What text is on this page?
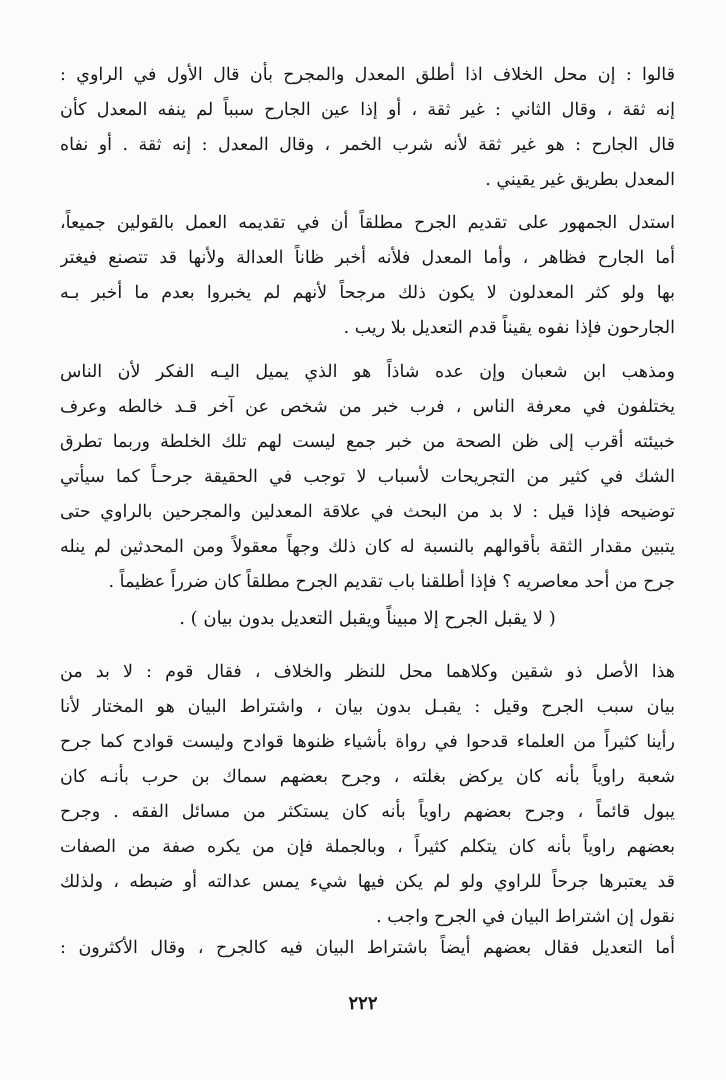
قالوا : إن محل الخلاف اذا أطلق المعدل والمجرح بأن قال الأول في الراوي :
إنه ثقة ، وقال الثاني : غير ثقة ، أو إذا عين الجارح سبباً لم ينفه المعدل كأن
قال الجارح : هو غير ثقة لأنه شرب الخمر ، وقال المعدل : إنه ثقة . أو نفاه
المعدل بطريق غير يقيني .

استدل الجمهور على تقديم الجرح مطلقاً أن في تقديمه العمل بالقولين جميعاً،
أما الجارح فظاهر ، وأما المعدل فلأنه أخبر ظاناً العدالة ولأنها قد تتصنع فيغتر
بها ولو كثر المعدلون لا يكون ذلك مرجحاً لأنهم لم يخبروا بعدم ما أخبر بـه
الجارحون فإذا نفوه يقيناً قدم التعديل بلا ريب .

ومذهب ابن شعبان وإن عده شاذاً هو الذي يميل اليـه الفكر لأن الناس
يختلفون في معرفة الناس ، فرب خبر من شخص عن آخر قـد خالطه وعرف
خبيئته أقرب إلى ظن الصحة من خبر جمع ليست لهم تلك الخلطة وربما تطرق
الشك في كثير من التجريحات لأسباب لا توجب في الحقيقة جرحـاً كما سيأتي
توضيحه فإذا قيل : لا بد من البحث في علاقة المعدلين والمجرحين بالراوي حتى
يتبين مقدار الثقة بأقوالهم بالنسبة له كان ذلك وجهاً معقولاً ومن المحدثين لم ينله
جرح من أحد معاصريه ؟ فإذا أطلقنا باب تقديم الجرح مطلقاً كان ضرراً عظيماً .

( لا يقبل الجرح إلا مبيناً ويقبل التعديل بدون بيان ) .

هذا الأصل ذو شقين وكلاهما محل للنظر والخلاف ، فقال قوم : لا بد من
بيان سبب الجرح وقيل : يقبـل بدون بيان ، واشتراط البيان هو المختار لأنا
رأينا كثيراً من العلماء قدحوا في رواة بأشياء ظنوها قوادح وليست قوادح كما جرح
شعبة راوياً بأنه كان يركض بغلته ، وجرح بعضهم سماك بن حرب بأنـه كان
يبول قائماً ، وجرح بعضهم راوياً بأنه كان يستكثر من مسائل الفقه . وجرح
بعضهم راوياً بأنه كان يتكلم كثيراً ، وبالجملة فإن من يكره صفة من الصفات
قد يعتبرها جرحاً للراوي ولو لم يكن فيها شيء يمس عدالته أو ضبطه ، ولذلك
نقول إن اشتراط البيان في الجرح واجب .

أما التعديل فقال بعضهم أيضاً باشتراط البيان فيه كالجرح ، وقال الأكثرون :

٢٢٢
